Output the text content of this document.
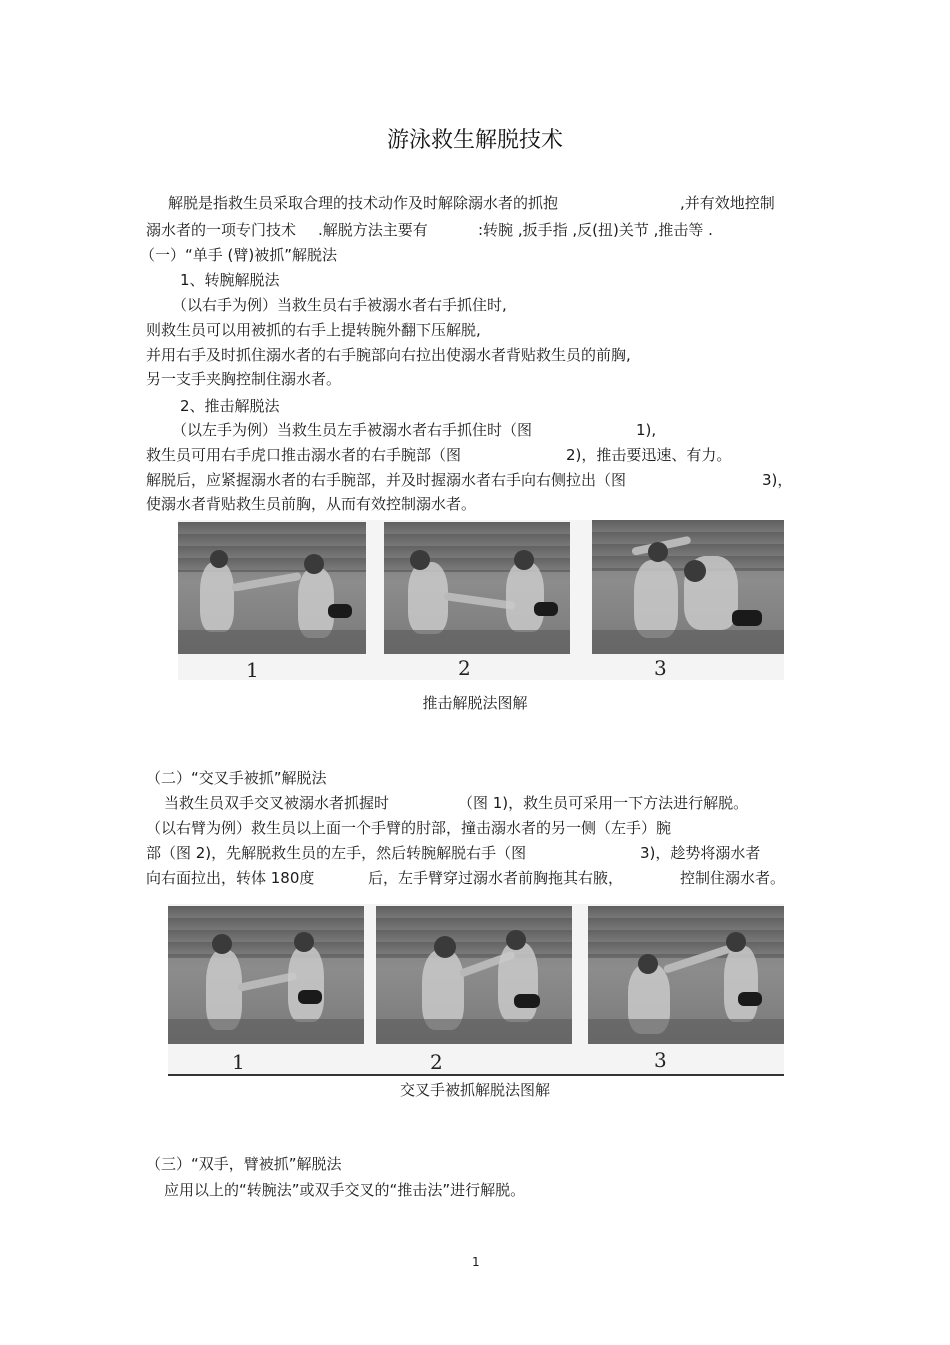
游泳救生解脱技术
解脱是指救生员采取合理的技术动作及时解除溺水者的抓抱	,并有效地控制
溺水者的一项专门技术 .解脱方法主要有	:转腕 ,扳手指 ,反(扭)关节 ,推击等 .
（一）“单手 (臂)被抓”解脱法
1、转腕解脱法
（以右手为例）当救生员右手被溺水者右手抓住时,
则救生员可以用被抓的右手上提转腕外翻下压解脱,
并用右手及时抓住溺水者的右手腕部向右拉出使溺水者背贴救生员的前胸,
另一支手夹胸控制住溺水者。
2、推击解脱法
（以左手为例）当救生员左手被溺水者右手抓住时（图	1),
救生员可用右手虎口推击溺水者的右手腕部（图	2)，推击要迅速、有力。
解脱后，应紧握溺水者的右手腕部，并及时握溺水者右手向右侧拉出（图	3)，
使溺水者背贴救生员前胸，从而有效控制溺水者。
1	2	3
推击解脱法图解
（二）“交叉手被抓”解脱法
当救生员双手交叉被溺水者抓握时	（图 1)，救生员可采用一下方法进行解脱。
（以右臂为例）救生员以上面一个手臂的肘部，撞击溺水者的另一侧（左手）腕
部（图 2)，先解脱救生员的左手，然后转腕解脱右手（图	3)，趁势将溺水者
向右面拉出，转体 180度	后，左手臂穿过溺水者前胸拖其右腋，	控制住溺水者。
1	2	3
交叉手被抓解脱法图解
（三）“双手，臂被抓”解脱法
应用以上的“转腕法”或双手交叉的“推击法”进行解脱。
1
